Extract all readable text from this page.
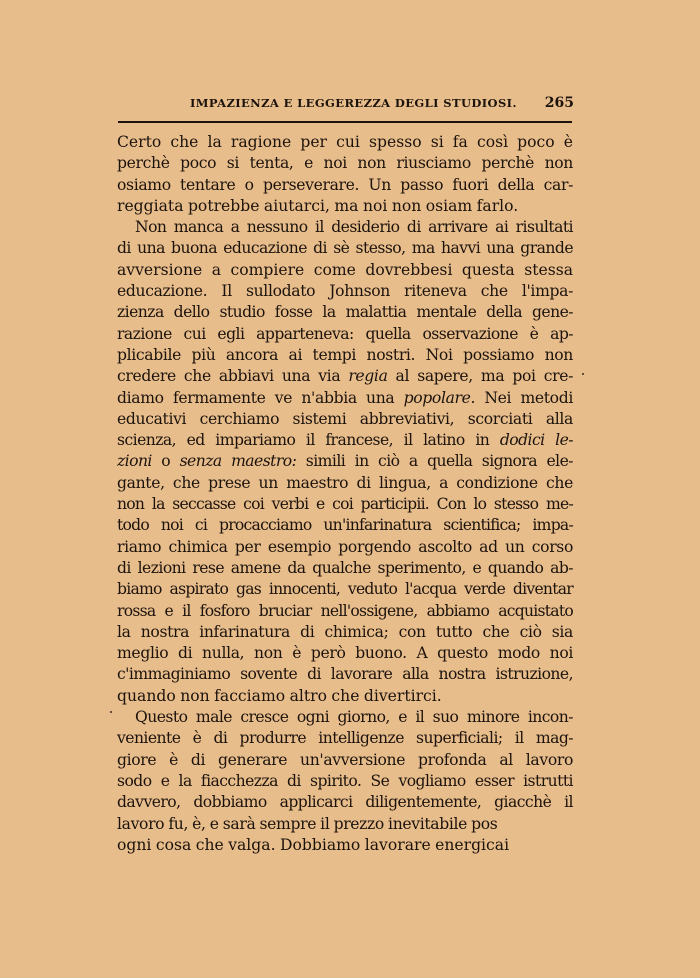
IMPAZIENZA E LEGGEREZZA DEGLI STUDIOSI. 265
Certo che la ragione per cui spesso si fa così poco è
perchè poco si tenta, e noi non riusciamo perchè non
osiamo tentare o perseverare. Un passo fuori della car-
reggiata potrebbe aiutarci, ma noi non osiam farlo.
Non manca a nessuno il desiderio di arrivare ai risultati
di una buona educazione di sè stesso, ma havvi una grande
avversione a compiere come dovrebbesi questa stessa
educazione. Il sullodato Johnson riteneva che l'impa-
zienza dello studio fosse la malattia mentale della gene-
razione cui egli apparteneva: quella osservazione è ap-
plicabile più ancora ai tempi nostri. Noi possiamo non
credere che abbiavi una via regia al sapere, ma poi cre-
diamo fermamente ve n'abbia una popolare. Nei metodi
educativi cerchiamo sistemi abbreviativi, scorciati alla
scienza, ed impariamo il francese, il latino in dodici le-
zioni o senza maestro: simili in ciò a quella signora ele-
gante, che prese un maestro di lingua, a condizione che
non la seccasse coi verbi e coi participii. Con lo stesso me-
todo noi ci procacciamo un'infarinatura scientifica; impa-
riamo chimica per esempio porgendo ascolto ad un corso
di lezioni rese amene da qualche sperimento, e quando ab-
biamo aspirato gas innocenti, veduto l'acqua verde diventar
rossa e il fosforo bruciar nell'ossigene, abbiamo acquistato
la nostra infarinatura di chimica; con tutto che ciò sia
meglio di nulla, non è però buono. A questo modo noi
c'immaginiamo sovente di lavorare alla nostra istruzione,
quando non facciamo altro che divertirci.
Questo male cresce ogni giorno, e il suo minore incon-
veniente è di produrre intelligenze superficiali; il mag-
giore è di generare un'avversione profonda al lavoro
sodo e la fiacchezza di spirito. Se vogliamo esser istrutti
davvero, dobbiamo applicarci diligentemente, giacchè il
lavoro fu, è, e sarà sempre il prezzo inevitabile pos
ogni cosa che valga. Dobbiamo lavorare energicai
